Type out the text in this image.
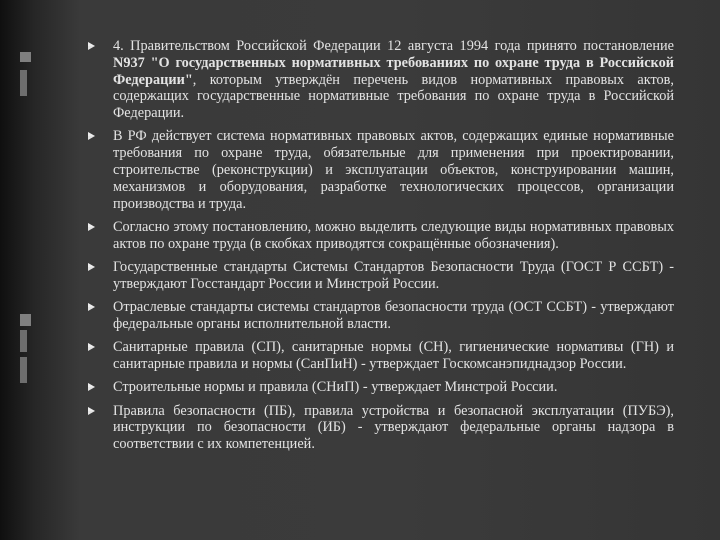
4. Правительством Российской Федерации 12 августа 1994 года принято постановление N937 "О государственных нормативных требованиях по охране труда в Российской Федерации", которым утверждён перечень видов нормативных правовых актов, содержащих государственные нормативные требования по охране труда в Российской Федерации.
В РФ действует система нормативных правовых актов, содержащих единые нормативные требования по охране труда, обязательные для применения при проектировании, строительстве (реконструкции) и эксплуатации объектов, конструировании машин, механизмов и оборудования, разработке технологических процессов, организации производства и труда.
Согласно этому постановлению, можно выделить следующие виды нормативных правовых актов по охране труда (в скобках приводятся сокращённые обозначения).
Государственные стандарты Системы Стандартов Безопасности Труда (ГОСТ Р ССБТ) - утверждают Госстандарт России и Минстрой России.
Отраслевые стандарты системы стандартов безопасности труда (ОСТ ССБТ) - утверждают федеральные органы исполнительной власти.
Санитарные правила (СП), санитарные нормы (СН), гигиенические нормативы (ГН) и санитарные правила и нормы (СанПиН) - утверждает Госкомсанэпиднадзор России.
Строительные нормы и правила (СНиП) - утверждает Минстрой России.
Правила безопасности (ПБ), правила устройства и безопасной эксплуатации (ПУБЭ), инструкции по безопасности (ИБ) - утверждают федеральные органы надзора в соответствии с их компетенцией.
